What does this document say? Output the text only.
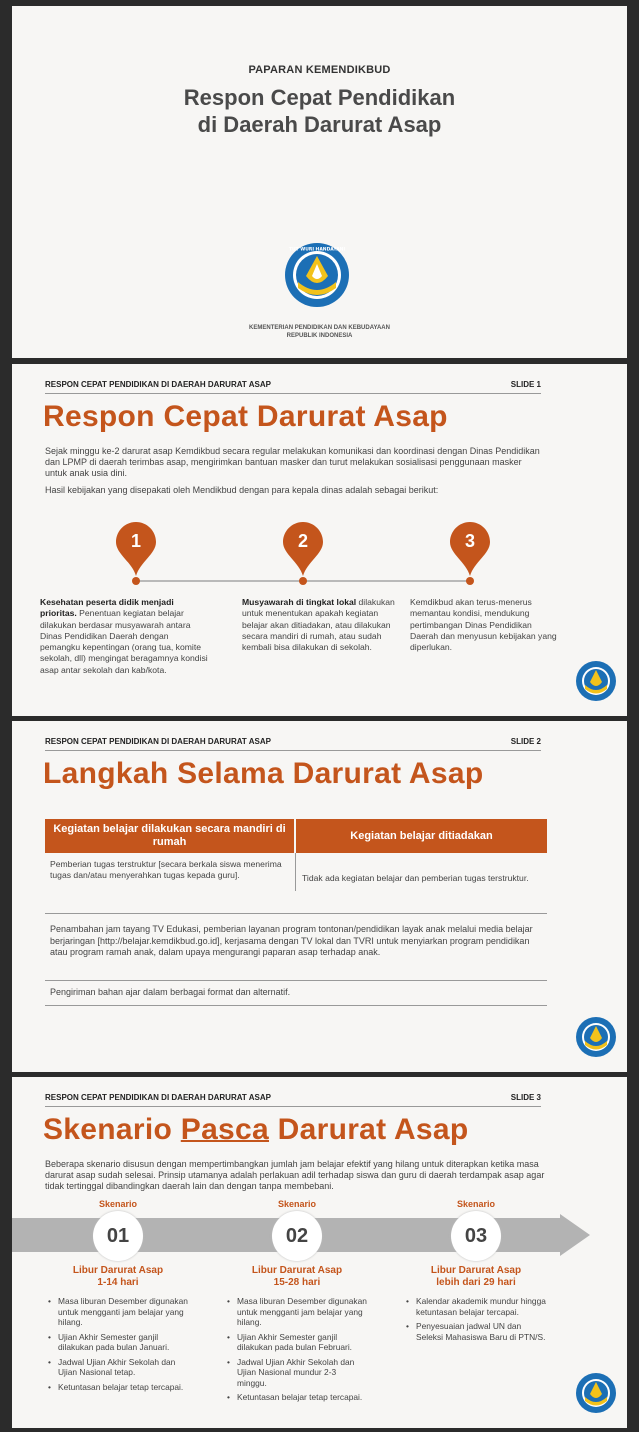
PAPARAN KEMENDIKBUD
Respon Cepat Pendidikan
di Daerah Darurat Asap
TUT WURI HANDAYANI
KEMENTERIAN PENDIDIKAN DAN KEBUDAYAAN
REPUBLIK INDONESIA
RESPON CEPAT PENDIDIKAN DI DAERAH DARURAT ASAP	SLIDE 1
Respon Cepat Darurat Asap
Sejak minggu ke-2 darurat asap Kemdikbud secara regular melakukan komunikasi dan koordinasi dengan Dinas Pendidikan dan LPMP di daerah terimbas asap, mengirimkan bantuan masker dan turut melakukan sosialisasi penggunaan masker untuk anak usia dini.
Hasil kebijakan yang disepakati oleh Mendikbud dengan para kepala dinas adalah sebagai berikut:
1	2	3
Kesehatan peserta didik menjadi prioritas. Penentuan kegiatan belajar dilakukan berdasar musyawarah antara Dinas Pendidikan Daerah dengan pemangku kepentingan (orang tua, komite sekolah, dll) mengingat beragamnya kondisi asap antar sekolah dan kab/kota.
Musyawarah di tingkat lokal dilakukan untuk menentukan apakah kegiatan belajar akan ditiadakan, atau dilakukan secara mandiri di rumah, atau sudah kembali bisa dilakukan di sekolah.
Kemdikbud akan terus-menerus memantau kondisi, mendukung pertimbangan Dinas Pendidikan Daerah dan menyusun kebijakan yang diperlukan.
RESPON CEPAT PENDIDIKAN DI DAERAH DARURAT ASAP	SLIDE 2
Langkah Selama Darurat Asap
Kegiatan belajar dilakukan secara mandiri di rumah
Kegiatan belajar ditiadakan
Pemberian tugas terstruktur [secara berkala siswa menerima tugas dan/atau menyerahkan tugas kepada guru].	Tidak ada kegiatan belajar dan pemberian tugas terstruktur.
Penambahan jam tayang TV Edukasi, pemberian layanan program tontonan/pendidikan layak anak melalui media belajar berjaringan [http://belajar.kemdikbud.go.id], kerjasama dengan TV lokal dan TVRI untuk menyiarkan program pendidikan atau program ramah anak, dalam upaya mengurangi paparan asap terhadap anak.
Pengiriman bahan ajar dalam berbagai format dan alternatif.
RESPON CEPAT PENDIDIKAN DI DAERAH DARURAT ASAP	SLIDE 3
Skenario Pasca Darurat Asap
Beberapa skenario disusun dengan mempertimbangkan jumlah jam belajar efektif yang hilang untuk diterapkan ketika masa darurat asap sudah selesai. Prinsip utamanya adalah perlakuan adil terhadap siswa dan guru di daerah terdampak asap agar tidak tertinggal dibandingkan daerah lain dan dengan tanpa membebani.
Skenario
01
Skenario
02
Skenario
03
Libur Darurat Asap
1-14 hari
Libur Darurat Asap
15-28 hari
Libur Darurat Asap
lebih dari 29 hari
• Masa liburan Desember digunakan untuk mengganti jam belajar yang hilang.
• Ujian Akhir Semester ganjil dilakukan pada bulan Januari.
• Jadwal Ujian Akhir Sekolah dan Ujian Nasional tetap.
• Ketuntasan belajar tetap tercapai.
• Masa liburan Desember digunakan untuk mengganti jam belajar yang hilang.
• Ujian Akhir Semester ganjil dilakukan pada bulan Februari.
• Jadwal Ujian Akhir Sekolah dan Ujian Nasional mundur 2-3 minggu.
• Ketuntasan belajar tetap tercapai.
• Kalendar akademik mundur hingga ketuntasan belajar tercapai.
• Penyesuaian jadwal UN dan Seleksi Mahasiswa Baru di PTN/S.
